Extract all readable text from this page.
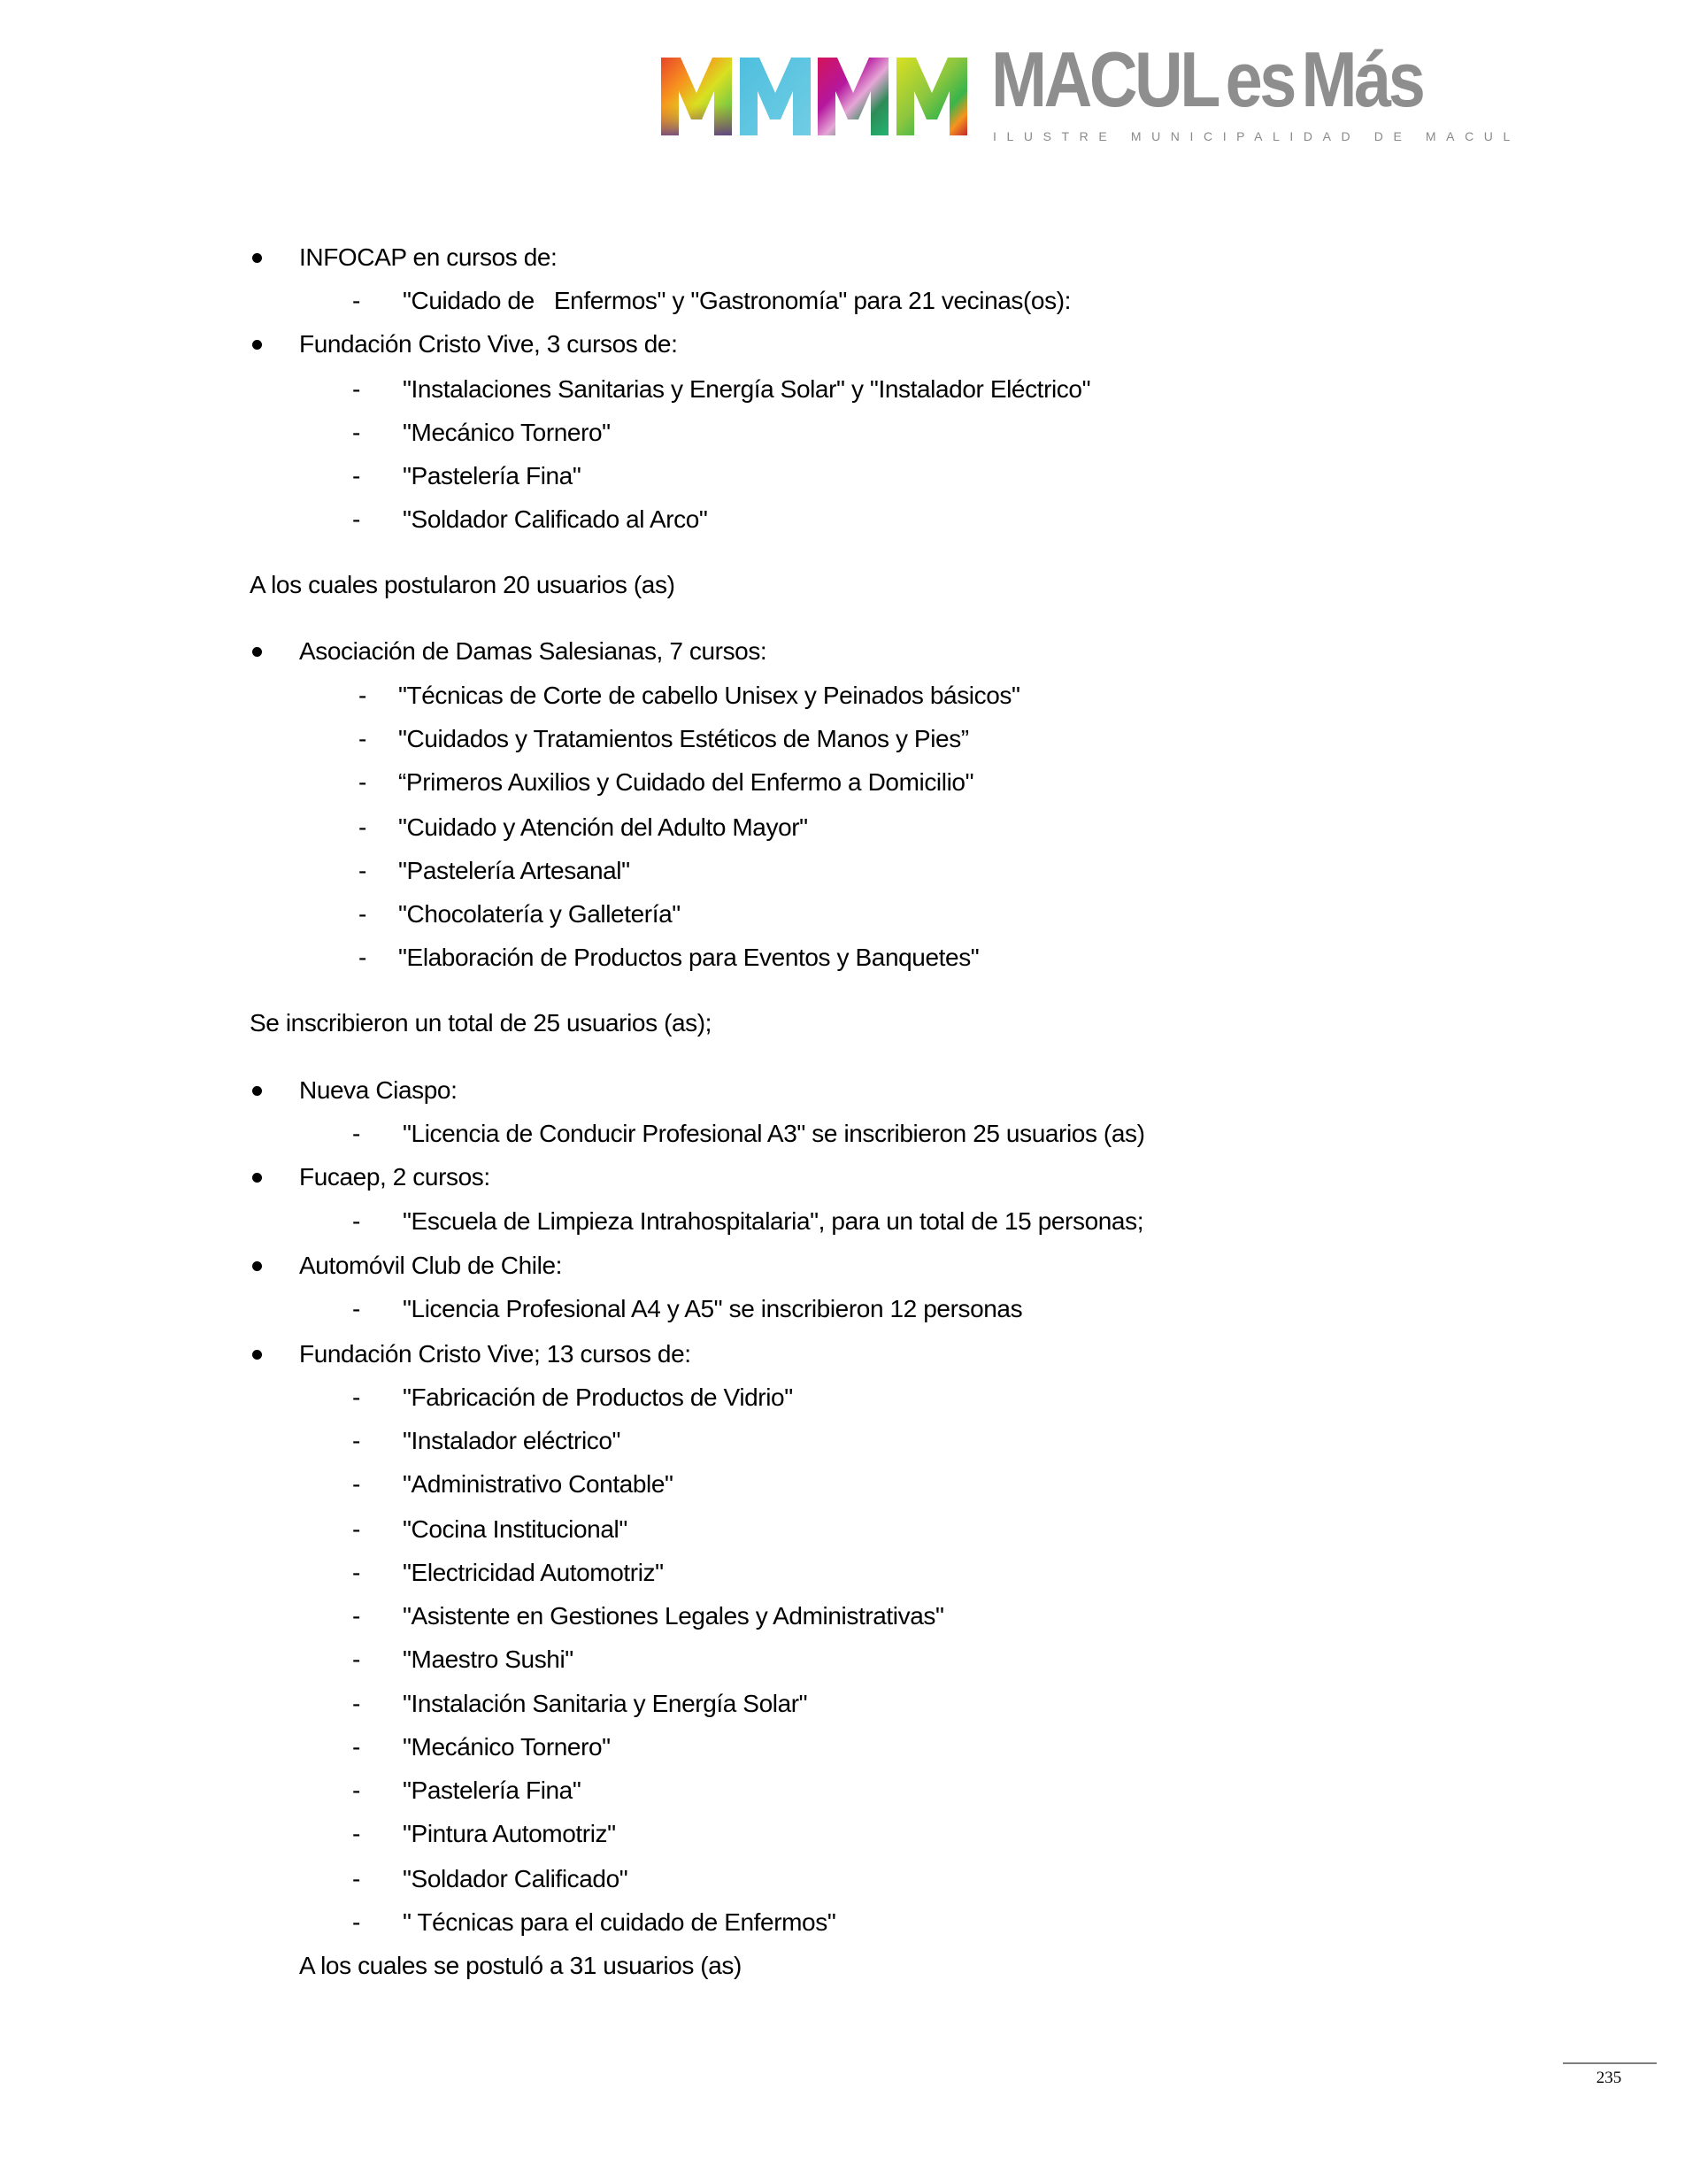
MACULesMás
ILUSTRE MUNICIPALIDAD DE MACUL
INFOCAP en cursos de:
- "Cuidado de   Enfermos" y "Gastronomía" para 21 vecinas(os):
Fundación Cristo Vive, 3 cursos de:
- "Instalaciones Sanitarias y Energía Solar" y "Instalador Eléctrico"
- "Mecánico Tornero"
- "Pastelería Fina"
- "Soldador Calificado al Arco"
A los cuales postularon 20 usuarios (as)
Asociación de Damas Salesianas, 7 cursos:
- "Técnicas de Corte de cabello Unisex y Peinados básicos"
- "Cuidados y Tratamientos Estéticos de Manos y Pies”
- “Primeros Auxilios y Cuidado del Enfermo a Domicilio"
- "Cuidado y Atención del Adulto Mayor"
- "Pastelería Artesanal"
- "Chocolatería y Galletería"
- "Elaboración de Productos para Eventos y Banquetes"
Se inscribieron un total de 25 usuarios (as);
Nueva Ciaspo:
- "Licencia de Conducir Profesional A3" se inscribieron 25 usuarios (as)
Fucaep, 2 cursos:
- "Escuela de Limpieza Intrahospitalaria", para un total de 15 personas;
Automóvil Club de Chile:
- "Licencia Profesional A4 y A5" se inscribieron 12 personas
Fundación Cristo Vive; 13 cursos de:
- "Fabricación de Productos de Vidrio"
- "Instalador eléctrico"
- "Administrativo Contable"
- "Cocina Institucional"
- "Electricidad Automotriz"
- "Asistente en Gestiones Legales y Administrativas"
- "Maestro Sushi"
- "Instalación Sanitaria y Energía Solar"
- "Mecánico Tornero"
- "Pastelería Fina"
- "Pintura Automotriz"
- "Soldador Calificado"
- " Técnicas para el cuidado de Enfermos"
A los cuales se postuló a 31 usuarios (as)
235
